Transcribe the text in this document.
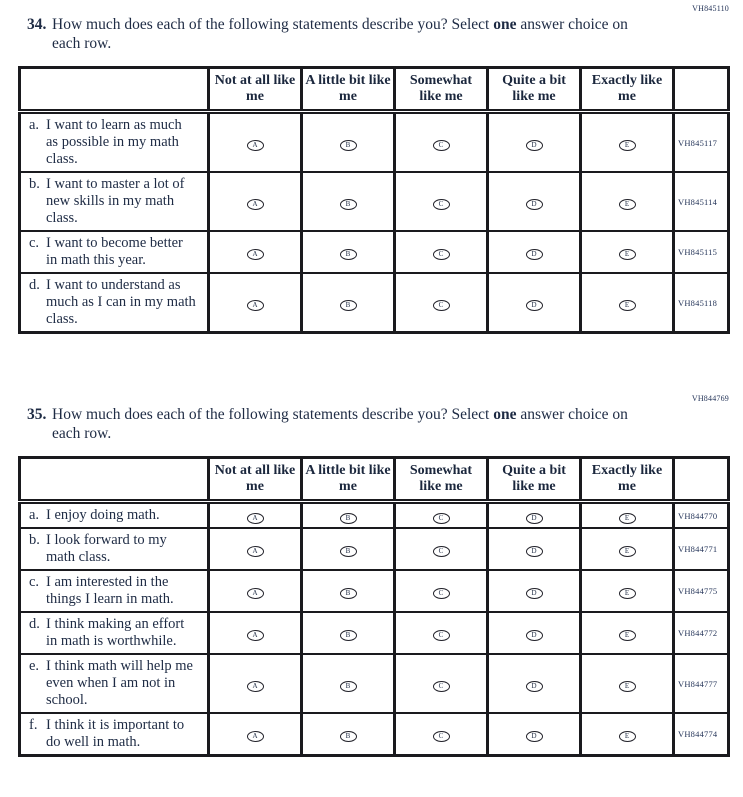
VH845110
34. How much does each of the following statements describe you? Select one answer choice on each row.

	Not at all like me	A little bit like me	Somewhat like me	Quite a bit like me	Exactly like me	
a. I want to learn as much as possible in my math class.	A	B	C	D	E	VH845117
b. I want to master a lot of new skills in my math class.	A	B	C	D	E	VH845114
c. I want to become better in math this year.	A	B	C	D	E	VH845115
d. I want to understand as much as I can in my math class.	A	B	C	D	E	VH845118
VH844769
35. How much does each of the following statements describe you? Select one answer choice on each row.

	Not at all like me	A little bit like me	Somewhat like me	Quite a bit like me	Exactly like me	
a. I enjoy doing math.	A	B	C	D	E	VH844770
b. I look forward to my math class.	A	B	C	D	E	VH844771
c. I am interested in the things I learn in math.	A	B	C	D	E	VH844775
d. I think making an effort in math is worthwhile.	A	B	C	D	E	VH844772
e. I think math will help me even when I am not in school.	A	B	C	D	E	VH844777
f. I think it is important to do well in math.	A	B	C	D	E	VH844774
